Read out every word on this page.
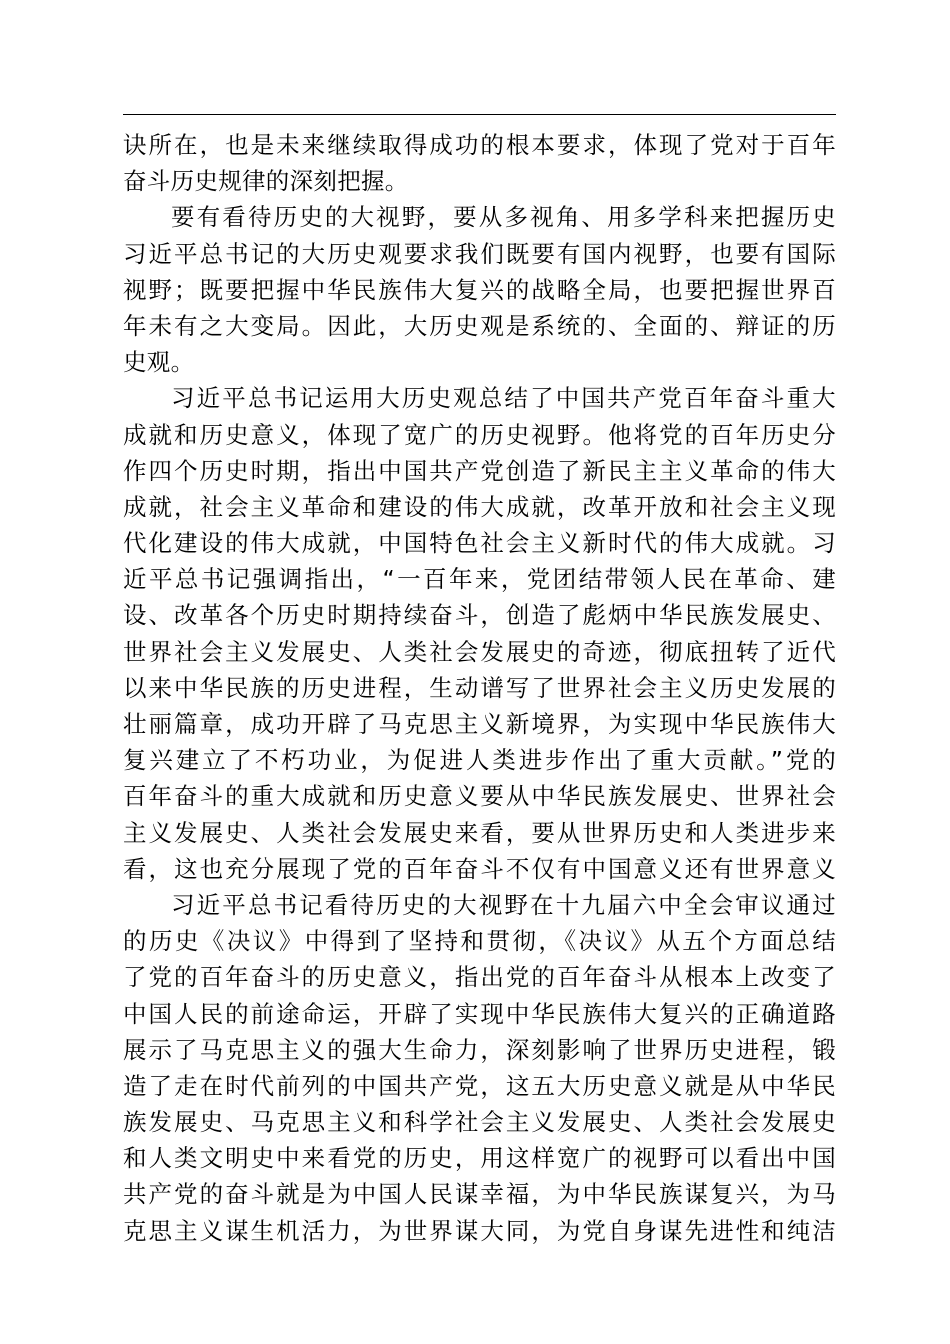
诀所在，也是未来继续取得成功的根本要求，体现了党对于百年
奋斗历史规律的深刻把握。
要有看待历史的大视野，要从多视角、用多学科来把握历史
习近平总书记的大历史观要求我们既要有国内视野，也要有国际
视野；既要把握中华民族伟大复兴的战略全局，也要把握世界百
年未有之大变局。因此，大历史观是系统的、全面的、辩证的历
史观。
习近平总书记运用大历史观总结了中国共产党百年奋斗重大
成就和历史意义，体现了宽广的历史视野。他将党的百年历史分
作四个历史时期，指出中国共产党创造了新民主主义革命的伟大
成就，社会主义革命和建设的伟大成就，改革开放和社会主义现
代化建设的伟大成就，中国特色社会主义新时代的伟大成就。习
近平总书记强调指出，“一百年来，党团结带领人民在革命、建
设、改革各个历史时期持续奋斗，创造了彪炳中华民族发展史、
世界社会主义发展史、人类社会发展史的奇迹，彻底扭转了近代
以来中华民族的历史进程，生动谱写了世界社会主义历史发展的
壮丽篇章，成功开辟了马克思主义新境界，为实现中华民族伟大
复兴建立了不朽功业，为促进人类进步作出了重大贡献。”党的
百年奋斗的重大成就和历史意义要从中华民族发展史、世界社会
主义发展史、人类社会发展史来看，要从世界历史和人类进步来
看，这也充分展现了党的百年奋斗不仅有中国意义还有世界意义
习近平总书记看待历史的大视野在十九届六中全会审议通过
的历史《决议》中得到了坚持和贯彻，《决议》从五个方面总结
了党的百年奋斗的历史意义，指出党的百年奋斗从根本上改变了
中国人民的前途命运，开辟了实现中华民族伟大复兴的正确道路
展示了马克思主义的强大生命力，深刻影响了世界历史进程，锻
造了走在时代前列的中国共产党，这五大历史意义就是从中华民
族发展史、马克思主义和科学社会主义发展史、人类社会发展史
和人类文明史中来看党的历史，用这样宽广的视野可以看出中国
共产党的奋斗就是为中国人民谋幸福，为中华民族谋复兴，为马
克思主义谋生机活力，为世界谋大同，为党自身谋先进性和纯洁
